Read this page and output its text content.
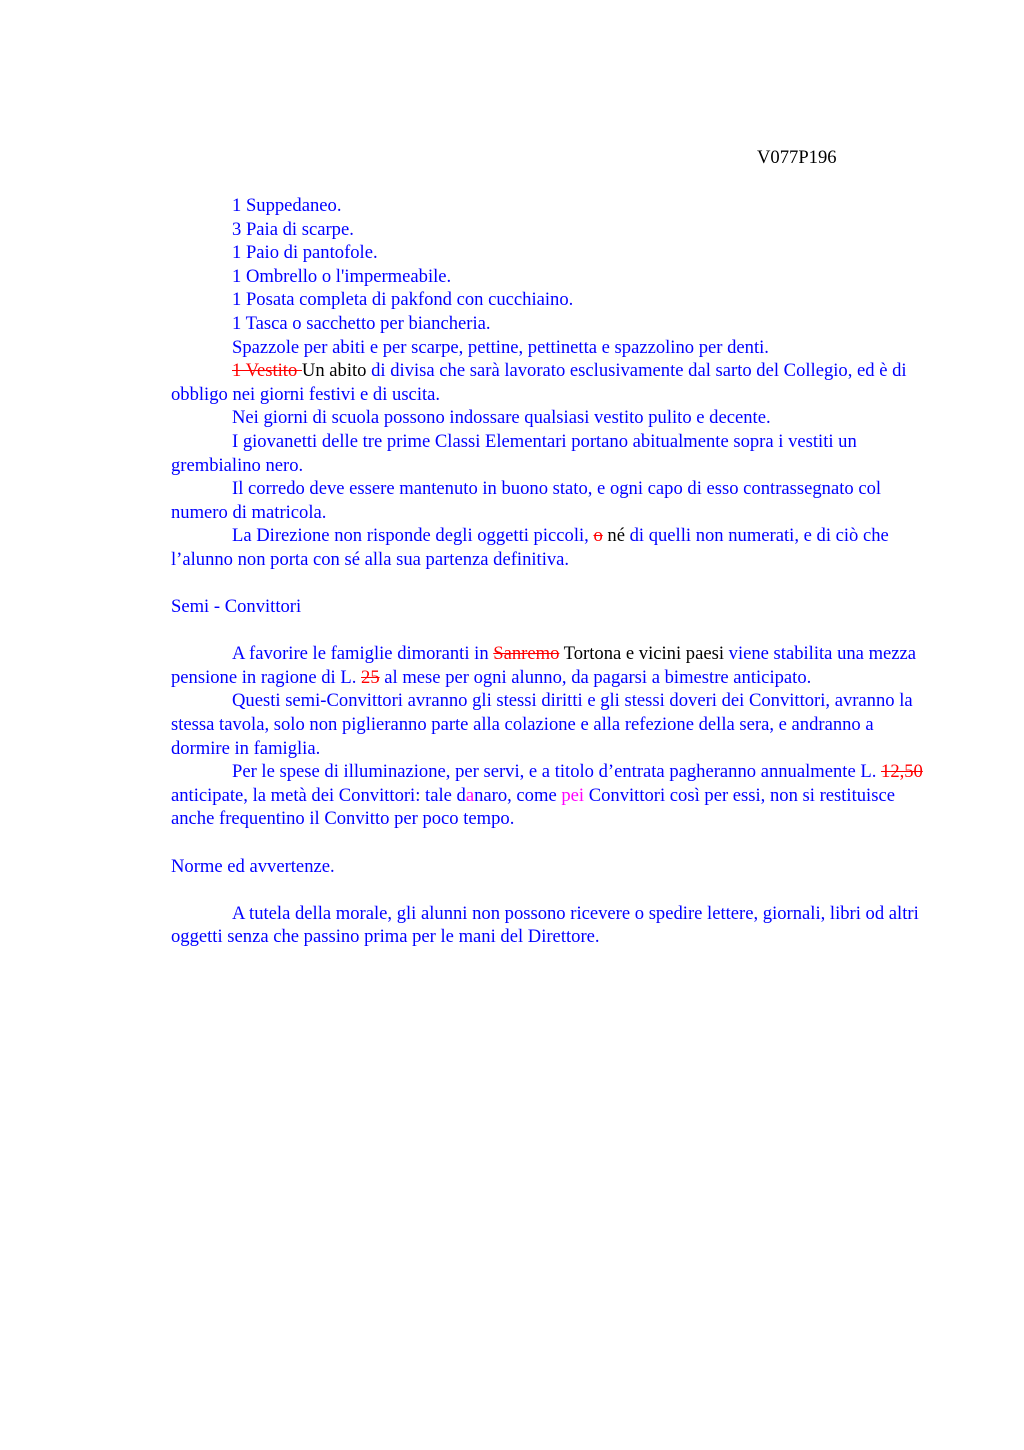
V077P196

1 Suppedaneo.

3 Paia di scarpe.

1 Paio di pantofole.

1 Ombrello o l'impermeabile.

1 Posata completa di pakfond con cucchiaino.

1 Tasca o sacchetto per biancheria.

Spazzole per abiti e per scarpe, pettine, pettinetta e spazzolino per denti.

1 Vestito Un abito di divisa che sarà lavorato esclusivamente dal sarto del Collegio, ed è di obbligo nei giorni festivi e di uscita.

Nei giorni di scuola possono indossare qualsiasi vestito pulito e decente.

I giovanetti delle tre prime Classi Elementari portano abitualmente sopra i vestiti un grembialino nero.

Il corredo deve essere mantenuto in buono stato, e ogni capo di esso contrassegnato col numero di matricola.

La Direzione non risponde degli oggetti piccoli, o né di quelli non numerati, e di ciò che l’alunno non porta con sé alla sua partenza definitiva.

Semi - Convittori

A favorire le famiglie dimoranti in Sanremo Tortona e vicini paesi viene stabilita una mezza pensione in ragione di L. 25 al mese per ogni alunno, da pagarsi a bimestre anticipato.

Questi semi-Convittori avranno gli stessi diritti e gli stessi doveri dei Convittori, avranno la stessa tavola, solo non piglieranno parte alla colazione e alla refezione della sera, e andranno a dormire in famiglia.

Per le spese di illuminazione, per servi, e a titolo d’entrata pagheranno annualmente L. 12,50 anticipate, la metà dei Convittori: tale danaro, come pei Convittori così per essi, non si restituisce anche frequentino il Convitto per poco tempo.

Norme ed avvertenze.

A tutela della morale, gli alunni non possono ricevere o spedire lettere, giornali, libri od altri oggetti senza che passino prima per le mani del Direttore.
